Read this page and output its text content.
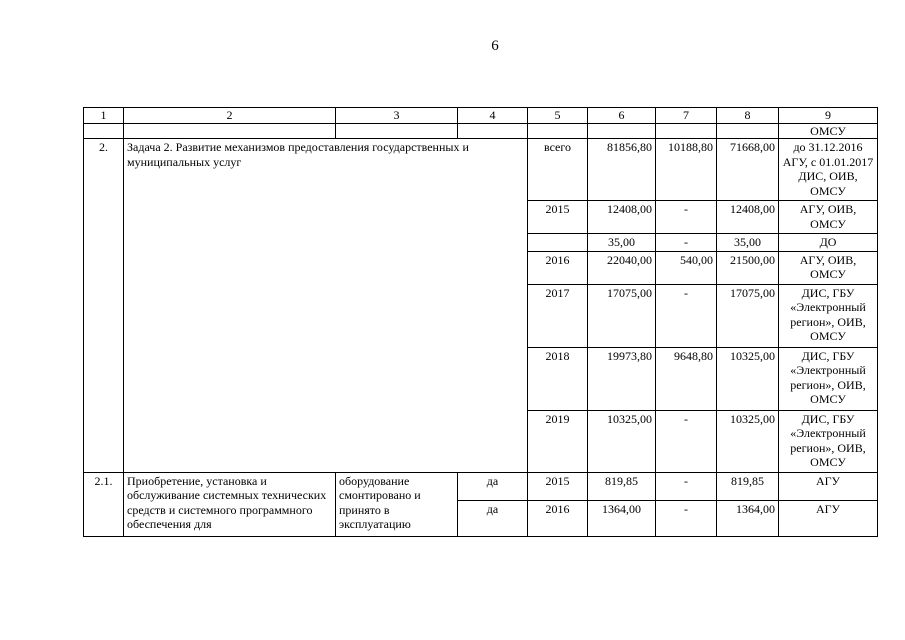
6
1	2	3	4	5	6	7	8	9
								ОМСУ
2.	Задача 2. Развитие механизмов предоставления государственных и муниципальных услуг			всего	81856,80	10188,80	71668,00	до 31.12.2016 АГУ, с 01.01.2017 ДИС, ОИВ, ОМСУ
				2015	12408,00	-	12408,00	АГУ, ОИВ, ОМСУ
					35,00	-	35,00	ДО
				2016	22040,00	540,00	21500,00	АГУ, ОИВ, ОМСУ
				2017	17075,00	-	17075,00	ДИС, ГБУ «Электронный регион», ОИВ, ОМСУ
				2018	19973,80	9648,80	10325,00	ДИС, ГБУ «Электронный регион», ОИВ, ОМСУ
				2019	10325,00	-	10325,00	ДИС, ГБУ «Электронный регион», ОИВ, ОМСУ
2.1.	Приобретение, установка и обслуживание системных технических средств и системного программного обеспечения для	оборудование смонтировано и принято в эксплуатацию	да	2015	819,85	-	819,85	АГУ
			да	2016	1364,00	-	1364,00	АГУ
